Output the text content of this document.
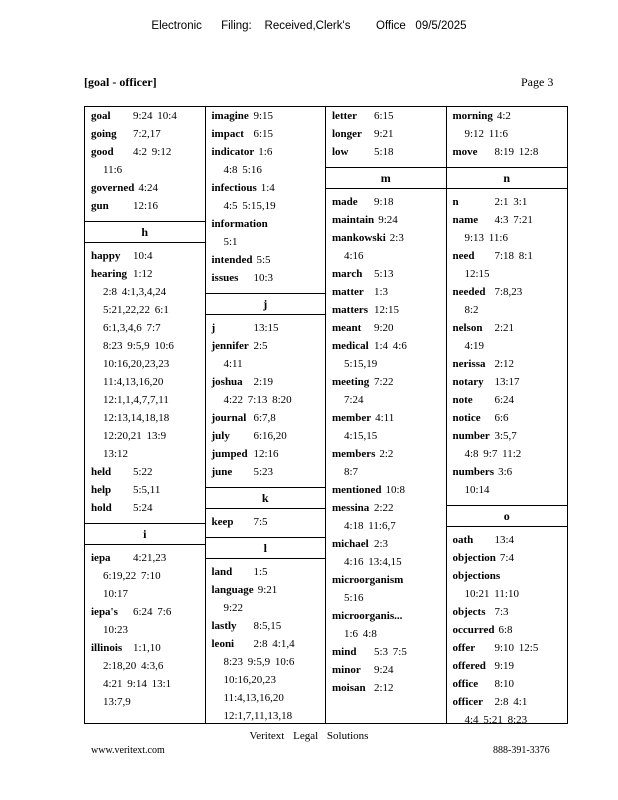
Electronic      Filing:    Received,Clerk's        Office   09/5/2025
[goal - officer]	Page 3
goal 9:24 10:4
going 7:2,17
good 4:2 9:12
11:6
governed 4:24
gun 12:16
h
happy 10:4
hearing 1:12
2:8 4:1,3,4,24
5:21,22,22 6:1
6:1,3,4,6 7:7
8:23 9:5,9 10:6
10:16,20,23,23
11:4,13,16,20
12:1,1,4,7,7,11
12:13,14,18,18
12:20,21 13:9
13:12
held 5:22
help 5:5,11
hold 5:24
i
iepa 4:21,23
6:19,22 7:10
10:17
iepa's 6:24 7:6
10:23
illinois 1:1,10
2:18,20 4:3,6
4:21 9:14 13:1
13:7,9
imagine 9:15
impact 6:15
indicator 1:6
4:8 5:16
infectious 1:4
4:5 5:15,19
information
5:1
intended 5:5
issues 10:3
j
j	13:15
jennifer 2:5
4:11
joshua 2:19
4:22 7:13 8:20
journal 6:7,8
july 6:16,20
jumped 12:16
june 5:23
k
keep 7:5
l
land 1:5
language 9:21
9:22
lastly 8:5,15
leoni 2:8 4:1,4
8:23 9:5,9 10:6
10:16,20,23
11:4,13,16,20
12:1,7,11,13,18
letter 6:15
longer 9:21
low 5:18
m
made 9:18
maintain 9:24
mankowski 2:3
4:16
march 5:13
matter 1:3
matters 12:15
meant 9:20
medical 1:4 4:6
5:15,19
meeting 7:22
7:24
member 4:11
4:15,15
members 2:2
8:7
mentioned 10:8
messina 2:22
4:18 11:6,7
michael 2:3
4:16 13:4,15
microorganism
5:16
microorganis...
1:6 4:8
mind 5:3 7:5
minor 9:24
moisan 2:12
morning 4:2
9:12 11:6
move 8:19 12:8
n
n	2:1 3:1
name 4:3 7:21
9:13 11:6
need 7:18 8:1
12:15
needed 7:8,23
8:2
nelson 2:21
4:19
nerissa 2:12
notary 13:17
note 6:24
notice 6:6
number 3:5,7
4:8 9:7 11:2
numbers 3:6
10:14
o
oath 13:4
objection 7:4
objections
10:21 11:10
objects 7:3
occurred 6:8
offer 9:10 12:5
offered 9:19
office 8:10
officer 2:8 4:1
4:4 5:21 8:23
Veritext Legal Solutions
www.veritext.com	888-391-3376
